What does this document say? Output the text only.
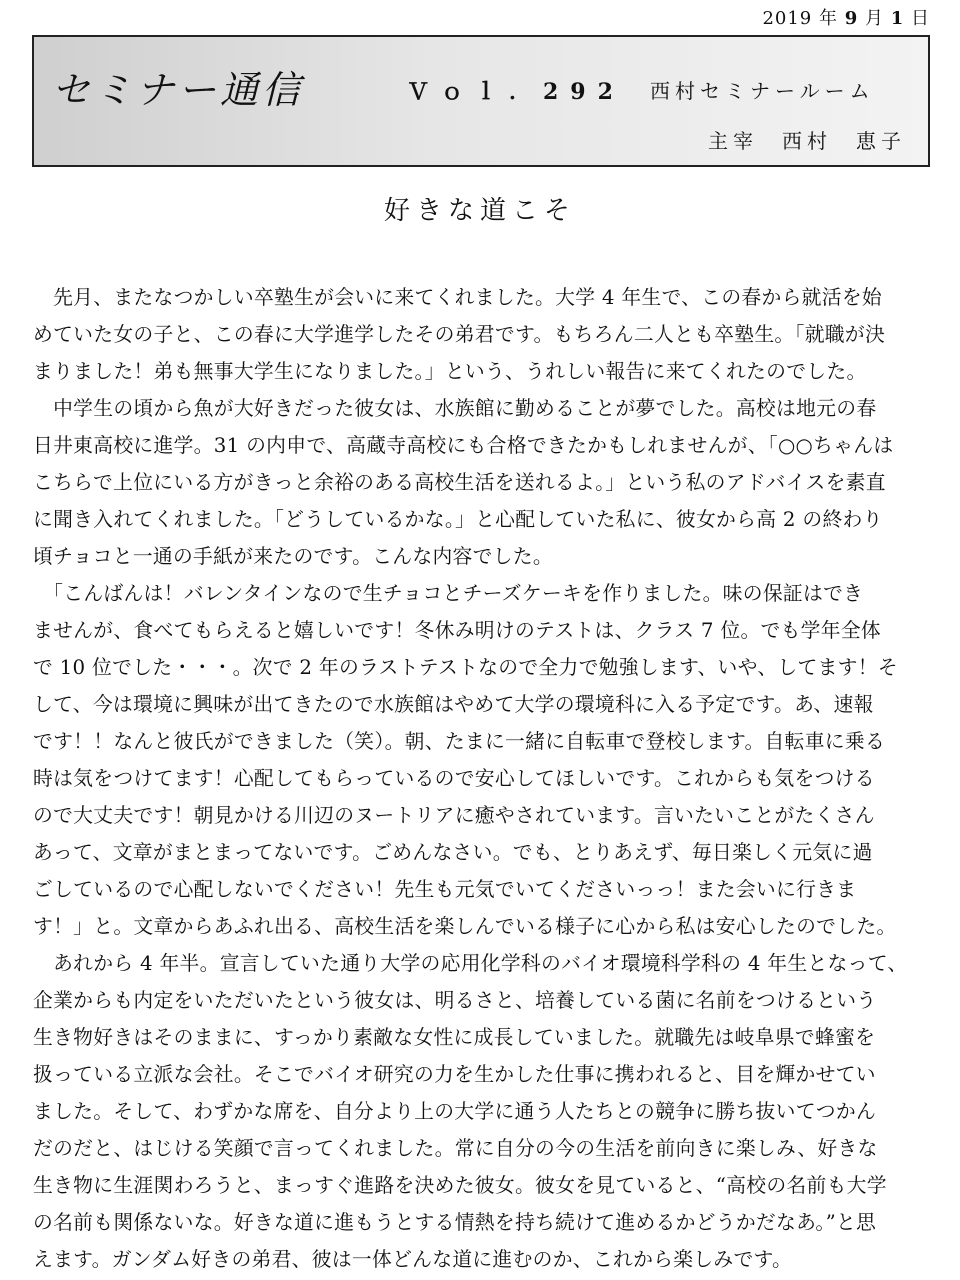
2019 年 9 月 1 日
セミナー通信	Ｖｏｌ．292 西村セミナールーム
主宰 西村 恵子
好きな道こそ
　先月、またなつかしい卒塾生が会いに来てくれました。大学 4 年生で、この春から就活を始
めていた女の子と、この春に大学進学したその弟君です。もちろん二人とも卒塾生。「就職が決
まりました！弟も無事大学生になりました。」という、うれしい報告に来てくれたのでした。
　中学生の頃から魚が大好きだった彼女は、水族館に勤めることが夢でした。高校は地元の春
日井東高校に進学。31 の内申で、高蔵寺高校にも合格できたかもしれませんが、「○○ちゃんは
こちらで上位にいる方がきっと余裕のある高校生活を送れるよ。」という私のアドバイスを素直
に聞き入れてくれました。「どうしているかな。」と心配していた私に、彼女から高 2 の終わり
頃チョコと一通の手紙が来たのです。こんな内容でした。
　「こんばんは！バレンタインなので生チョコとチーズケーキを作りました。味の保証はでき
ませんが、食べてもらえると嬉しいです！冬休み明けのテストは、クラス 7 位。でも学年全体
で 10 位でした・・・。次で 2 年のラストテストなので全力で勉強します、いや、してます！そ
して、今は環境に興味が出てきたので水族館はやめて大学の環境科に入る予定です。あ、速報
です！！なんと彼氏ができました（笑）。朝、たまに一緒に自転車で登校します。自転車に乗る
時は気をつけてます！心配してもらっているので安心してほしいです。これからも気をつける
ので大丈夫です！朝見かける川辺のヌートリアに癒やされています。言いたいことがたくさん
あって、文章がまとまってないです。ごめんなさい。でも、とりあえず、毎日楽しく元気に過
ごしているので心配しないでください！先生も元気でいてくださいっっ！また会いに行きま
す！」と。文章からあふれ出る、高校生活を楽しんでいる様子に心から私は安心したのでした。
　あれから 4 年半。宣言していた通り大学の応用化学科のバイオ環境科学科の 4 年生となって、
企業からも内定をいただいたという彼女は、明るさと、培養している菌に名前をつけるという
生き物好きはそのままに、すっかり素敵な女性に成長していました。就職先は岐阜県で蜂蜜を
扱っている立派な会社。そこでバイオ研究の力を生かした仕事に携われると、目を輝かせてい
ました。そして、わずかな席を、自分より上の大学に通う人たちとの競争に勝ち抜いてつかん
だのだと、はじける笑顔で言ってくれました。常に自分の今の生活を前向きに楽しみ、好きな
生き物に生涯関わろうと、まっすぐ進路を決めた彼女。彼女を見ていると、“高校の名前も大学
の名前も関係ないな。好きな道に進もうとする情熱を持ち続けて進めるかどうかだなあ。”と思
えます。ガンダム好きの弟君、彼は一体どんな道に進むのか、これから楽しみです。
